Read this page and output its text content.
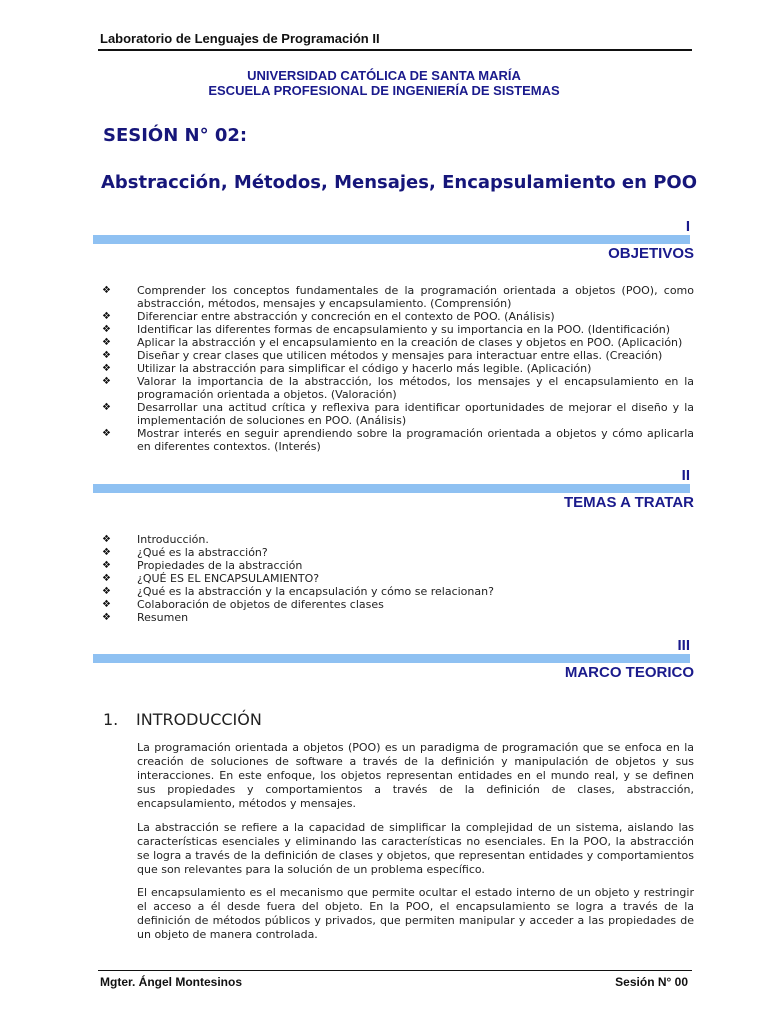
Laboratorio de Lenguajes de Programación II
UNIVERSIDAD CATÓLICA DE SANTA MARÍA
ESCUELA PROFESIONAL DE INGENIERÍA DE SISTEMAS
SESIÓN N° 02:
Abstracción, Métodos, Mensajes, Encapsulamiento en POO
I
OBJETIVOS
❖ Comprender los conceptos fundamentales de la programación orientada a objetos (POO), como abstracción, métodos, mensajes y encapsulamiento. (Comprensión)
❖ Diferenciar entre abstracción y concreción en el contexto de POO. (Análisis)
❖ Identificar las diferentes formas de encapsulamiento y su importancia en la POO. (Identificación)
❖ Aplicar la abstracción y el encapsulamiento en la creación de clases y objetos en POO. (Aplicación)
❖ Diseñar y crear clases que utilicen métodos y mensajes para interactuar entre ellas. (Creación)
❖ Utilizar la abstracción para simplificar el código y hacerlo más legible. (Aplicación)
❖ Valorar la importancia de la abstracción, los métodos, los mensajes y el encapsulamiento en la programación orientada a objetos. (Valoración)
❖ Desarrollar una actitud crítica y reflexiva para identificar oportunidades de mejorar el diseño y la implementación de soluciones en POO. (Análisis)
❖ Mostrar interés en seguir aprendiendo sobre la programación orientada a objetos y cómo aplicarla en diferentes contextos. (Interés)
II
TEMAS A TRATAR
❖ Introducción.
❖ ¿Qué es la abstracción?
❖ Propiedades de la abstracción
❖ ¿QUÉ ES EL ENCAPSULAMIENTO?
❖ ¿Qué es la abstracción y la encapsulación y cómo se relacionan?
❖ Colaboración de objetos de diferentes clases
❖ Resumen
III
MARCO TEORICO
1. INTRODUCCIÓN

La programación orientada a objetos (POO) es un paradigma de programación que se enfoca en la creación de soluciones de software a través de la definición y manipulación de objetos y sus interacciones. En este enfoque, los objetos representan entidades en el mundo real, y se definen sus propiedades y comportamientos a través de la definición de clases, abstracción, encapsulamiento, métodos y mensajes.

La abstracción se refiere a la capacidad de simplificar la complejidad de un sistema, aislando las características esenciales y eliminando las características no esenciales. En la POO, la abstracción se logra a través de la definición de clases y objetos, que representan entidades y comportamientos que son relevantes para la solución de un problema específico.

El encapsulamiento es el mecanismo que permite ocultar el estado interno de un objeto y restringir el acceso a él desde fuera del objeto. En la POO, el encapsulamiento se logra a través de la definición de métodos públicos y privados, que permiten manipular y acceder a las propiedades de un objeto de manera controlada.

Mgter. Ángel Montesinos	Sesión N° 00
